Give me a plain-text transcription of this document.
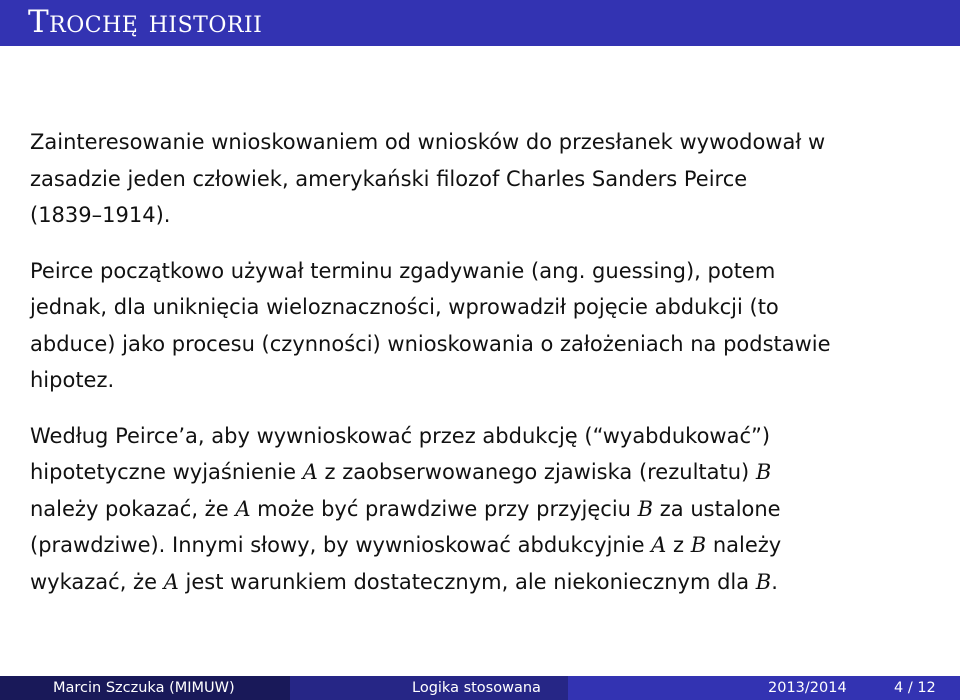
Trochę historii

Zainteresowanie wnioskowaniem od wniosków do przesłanek wywodował w
zasadzie jeden człowiek, amerykański filozof Charles Sanders Peirce
(1839–1914).

Peirce początkowo używał terminu zgadywanie (ang. guessing), potem
jednak, dla uniknięcia wieloznaczności, wprowadził pojęcie abdukcji (to
abduce) jako procesu (czynności) wnioskowania o założeniach na podstawie
hipotez.

Według Peirce’a, aby wywnioskować przez abdukcję (“wyabdukować”)
hipotetyczne wyjaśnienie A z zaobserwowanego zjawiska (rezultatu) B
należy pokazać, że A może być prawdziwe przy przyjęciu B za ustalone
(prawdziwe). Innymi słowy, by wywnioskować abdukcyjnie A z B należy
wykazać, że A jest warunkiem dostatecznym, ale niekoniecznym dla B.

Marcin Szczuka (MIMUW)	Logika stosowana	2013/2014	4 / 12
